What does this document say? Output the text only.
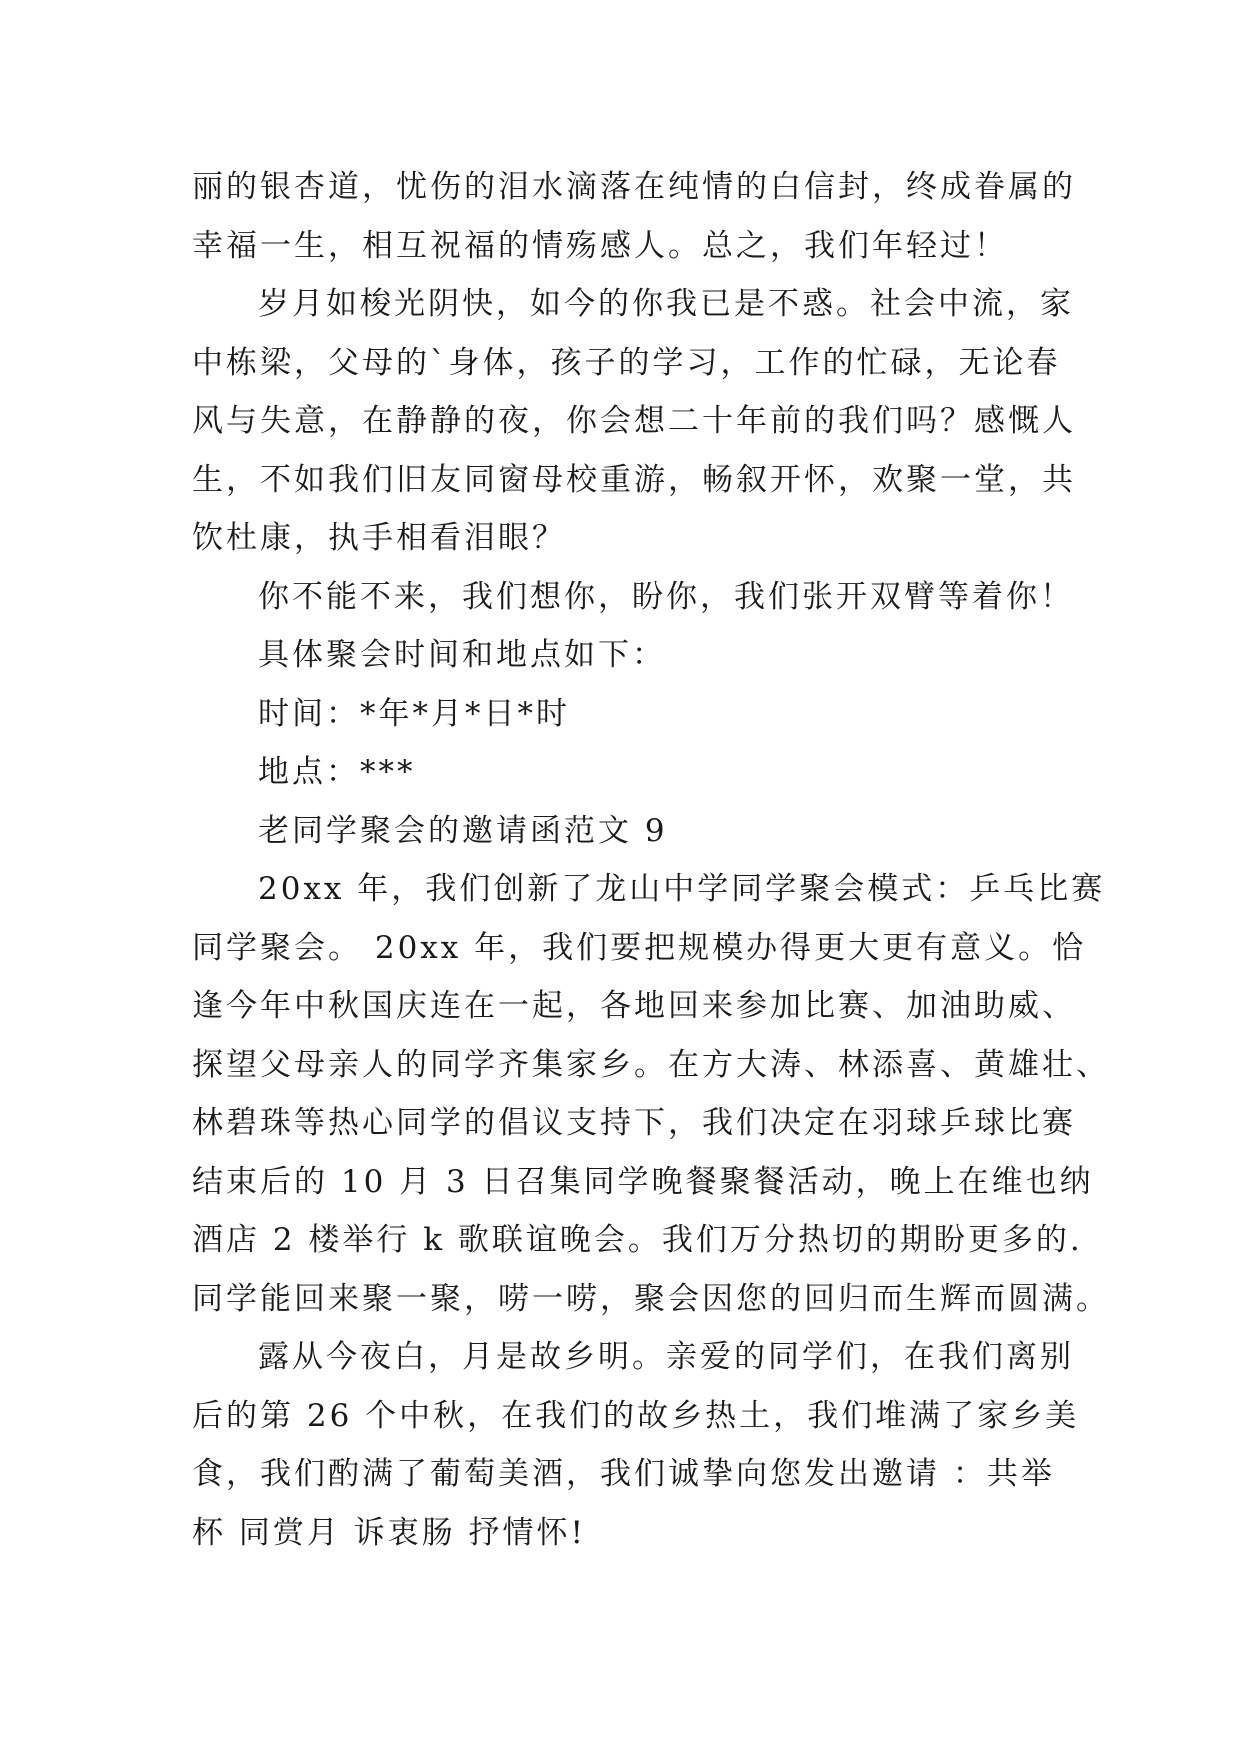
丽的银杏道，忧伤的泪水滴落在纯情的白信封，终成眷属的
幸福一生，相互祝福的情殇感人。总之，我们年轻过！
岁月如梭光阴快，如今的你我已是不惑。社会中流，家
中栋梁，父母的`身体，孩子的学习，工作的忙碌，无论春
风与失意，在静静的夜，你会想二十年前的我们吗？感慨人
生，不如我们旧友同窗母校重游，畅叙开怀，欢聚一堂，共
饮杜康，执手相看泪眼？
你不能不来，我们想你，盼你，我们张开双臂等着你！
具体聚会时间和地点如下：
时间：*年*月*日*时
地点：***
老同学聚会的邀请函范文 9
20xx 年，我们创新了龙山中学同学聚会模式：乒乓比赛
同学聚会。 20xx 年，我们要把规模办得更大更有意义。恰
逢今年中秋国庆连在一起，各地回来参加比赛、加油助威、
探望父母亲人的同学齐集家乡。在方大涛、林添喜、黄雄壮、
林碧珠等热心同学的倡议支持下，我们决定在羽球乒球比赛
结束后的 10 月 3 日召集同学晚餐聚餐活动，晚上在维也纳
酒店 2 楼举行 k 歌联谊晚会。我们万分热切的期盼更多的.
同学能回来聚一聚，唠一唠，聚会因您的回归而生辉而圆满。
露从今夜白，月是故乡明。亲爱的同学们，在我们离别
后的第 26 个中秋，在我们的故乡热土，我们堆满了家乡美
食，我们酌满了葡萄美酒，我们诚挚向您发出邀请 ：共举
杯 同赏月 诉衷肠 抒情怀!
